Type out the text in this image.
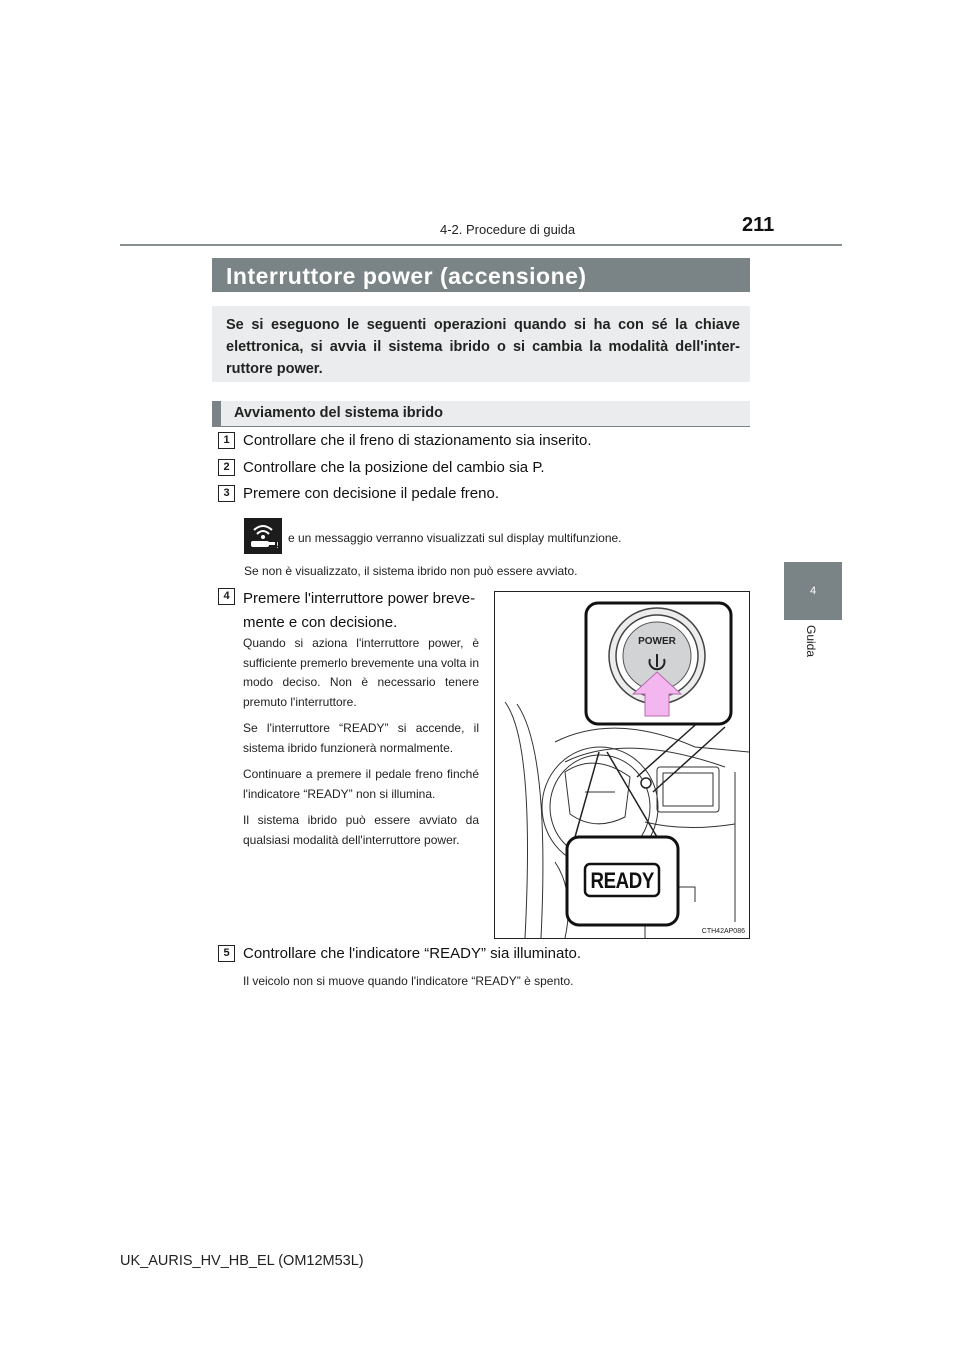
4-2. Procedure di guida	211
4
Guida
Interruttore power (accensione)

Se si eseguono le seguenti operazioni quando si ha con sé la chiave elettronica, si avvia il sistema ibrido o si cambia la modalità dell'interruttore power.

Avviamento del sistema ibrido
1 Controllare che il freno di stazionamento sia inserito.
2 Controllare che la posizione del cambio sia P.
3 Premere con decisione il pedale freno.
!
e un messaggio verranno visualizzati sul display multifunzione.
Se non è visualizzato, il sistema ibrido non può essere avviato.
4 Premere l'interruttore power breve-
mente e con decisione.
Quando si aziona l'interruttore power, è sufficiente premerlo brevemente una volta in modo deciso. Non è necessario tenere premuto l'interruttore.
Se l'interruttore “READY” si accende, il sistema ibrido funzionerà normalmente.
Continuare a premere il pedale freno finché l'indicatore “READY” non si illumina.
Il sistema ibrido può essere avviato da qualsiasi modalità dell'interruttore power.
POWER
READY
CTH42AP086
5 Controllare che l'indicatore “READY” sia illuminato.
Il veicolo non si muove quando l'indicatore “READY” è spento.
UK_AURIS_HV_HB_EL (OM12M53L)
